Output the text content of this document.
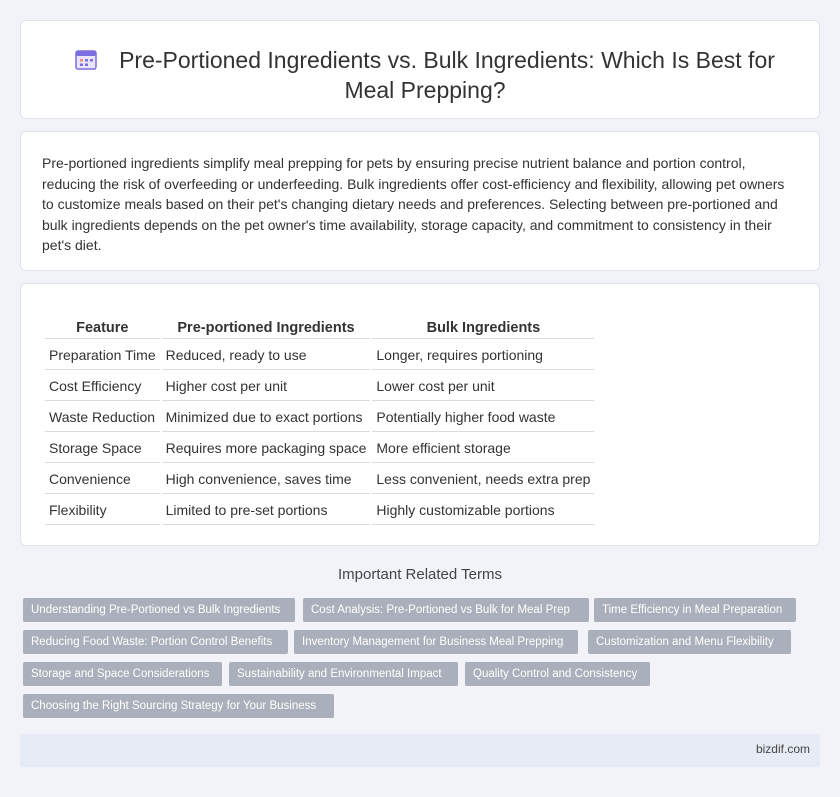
Pre-Portioned Ingredients vs. Bulk Ingredients: Which Is Best for Meal Prepping?

Pre-portioned ingredients simplify meal prepping for pets by ensuring precise nutrient balance and portion control, reducing the risk of overfeeding or underfeeding. Bulk ingredients offer cost-efficiency and flexibility, allowing pet owners to customize meals based on their pet's changing dietary needs and preferences. Selecting between pre-portioned and bulk ingredients depends on the pet owner's time availability, storage capacity, and commitment to consistency in their pet's diet.

Feature	Pre-portioned Ingredients	Bulk Ingredients
Preparation Time	Reduced, ready to use	Longer, requires portioning
Cost Efficiency	Higher cost per unit	Lower cost per unit
Waste Reduction	Minimized due to exact portions	Potentially higher food waste
Storage Space	Requires more packaging space	More efficient storage
Convenience	High convenience, saves time	Less convenient, needs extra prep
Flexibility	Limited to pre-set portions	Highly customizable portions
Important Related Terms
Understanding Pre-Portioned vs Bulk Ingredients	Cost Analysis: Pre-Portioned vs Bulk for Meal Prep	Time Efficiency in Meal Preparation
Reducing Food Waste: Portion Control Benefits	Inventory Management for Business Meal Prepping	Customization and Menu Flexibility
Storage and Space Considerations	Sustainability and Environmental Impact	Quality Control and Consistency
Choosing the Right Sourcing Strategy for Your Business
bizdif.com
